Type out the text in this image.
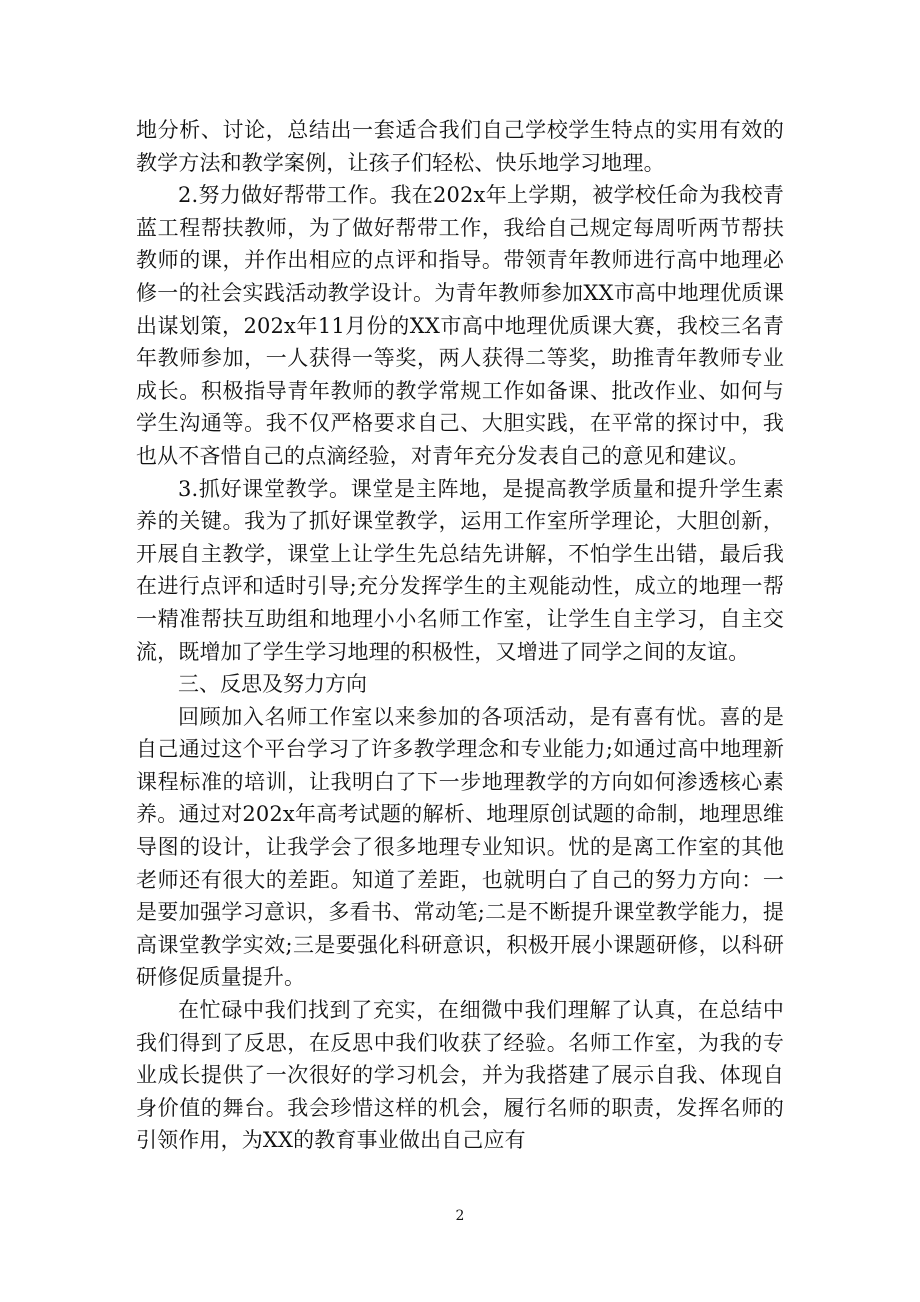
地分析、讨论，总结出一套适合我们自己学校学生特点的实用有效的教学方法和教学案例，让孩子们轻松、快乐地学习地理。

2.努力做好帮带工作。我在202x年上学期，被学校任命为我校青蓝工程帮扶教师，为了做好帮带工作，我给自己规定每周听两节帮扶教师的课，并作出相应的点评和指导。带领青年教师进行高中地理必修一的社会实践活动教学设计。为青年教师参加XX市高中地理优质课出谋划策，202x年11月份的XX市高中地理优质课大赛，我校三名青年教师参加，一人获得一等奖，两人获得二等奖，助推青年教师专业成长。积极指导青年教师的教学常规工作如备课、批改作业、如何与学生沟通等。我不仅严格要求自己、大胆实践，在平常的探讨中，我也从不吝惜自己的点滴经验，对青年充分发表自己的意见和建议。

3.抓好课堂教学。课堂是主阵地，是提高教学质量和提升学生素养的关键。我为了抓好课堂教学，运用工作室所学理论，大胆创新，开展自主教学，课堂上让学生先总结先讲解，不怕学生出错，最后我在进行点评和适时引导;充分发挥学生的主观能动性，成立的地理一帮一精准帮扶互助组和地理小小名师工作室，让学生自主学习，自主交流，既增加了学生学习地理的积极性，又增进了同学之间的友谊。

三、反思及努力方向

回顾加入名师工作室以来参加的各项活动，是有喜有忧。喜的是自己通过这个平台学习了许多教学理念和专业能力;如通过高中地理新课程标准的培训，让我明白了下一步地理教学的方向如何渗透核心素养。通过对202x年高考试题的解析、地理原创试题的命制，地理思维导图的设计，让我学会了很多地理专业知识。忧的是离工作室的其他老师还有很大的差距。知道了差距，也就明白了自己的努力方向：一是要加强学习意识，多看书、常动笔;二是不断提升课堂教学能力，提高课堂教学实效;三是要强化科研意识，积极开展小课题研修，以科研研修促质量提升。

在忙碌中我们找到了充实，在细微中我们理解了认真，在总结中我们得到了反思，在反思中我们收获了经验。名师工作室，为我的专业成长提供了一次很好的学习机会，并为我搭建了展示自我、体现自身价值的舞台。我会珍惜这样的机会，履行名师的职责，发挥名师的引领作用，为XX的教育事业做出自己应有

2
